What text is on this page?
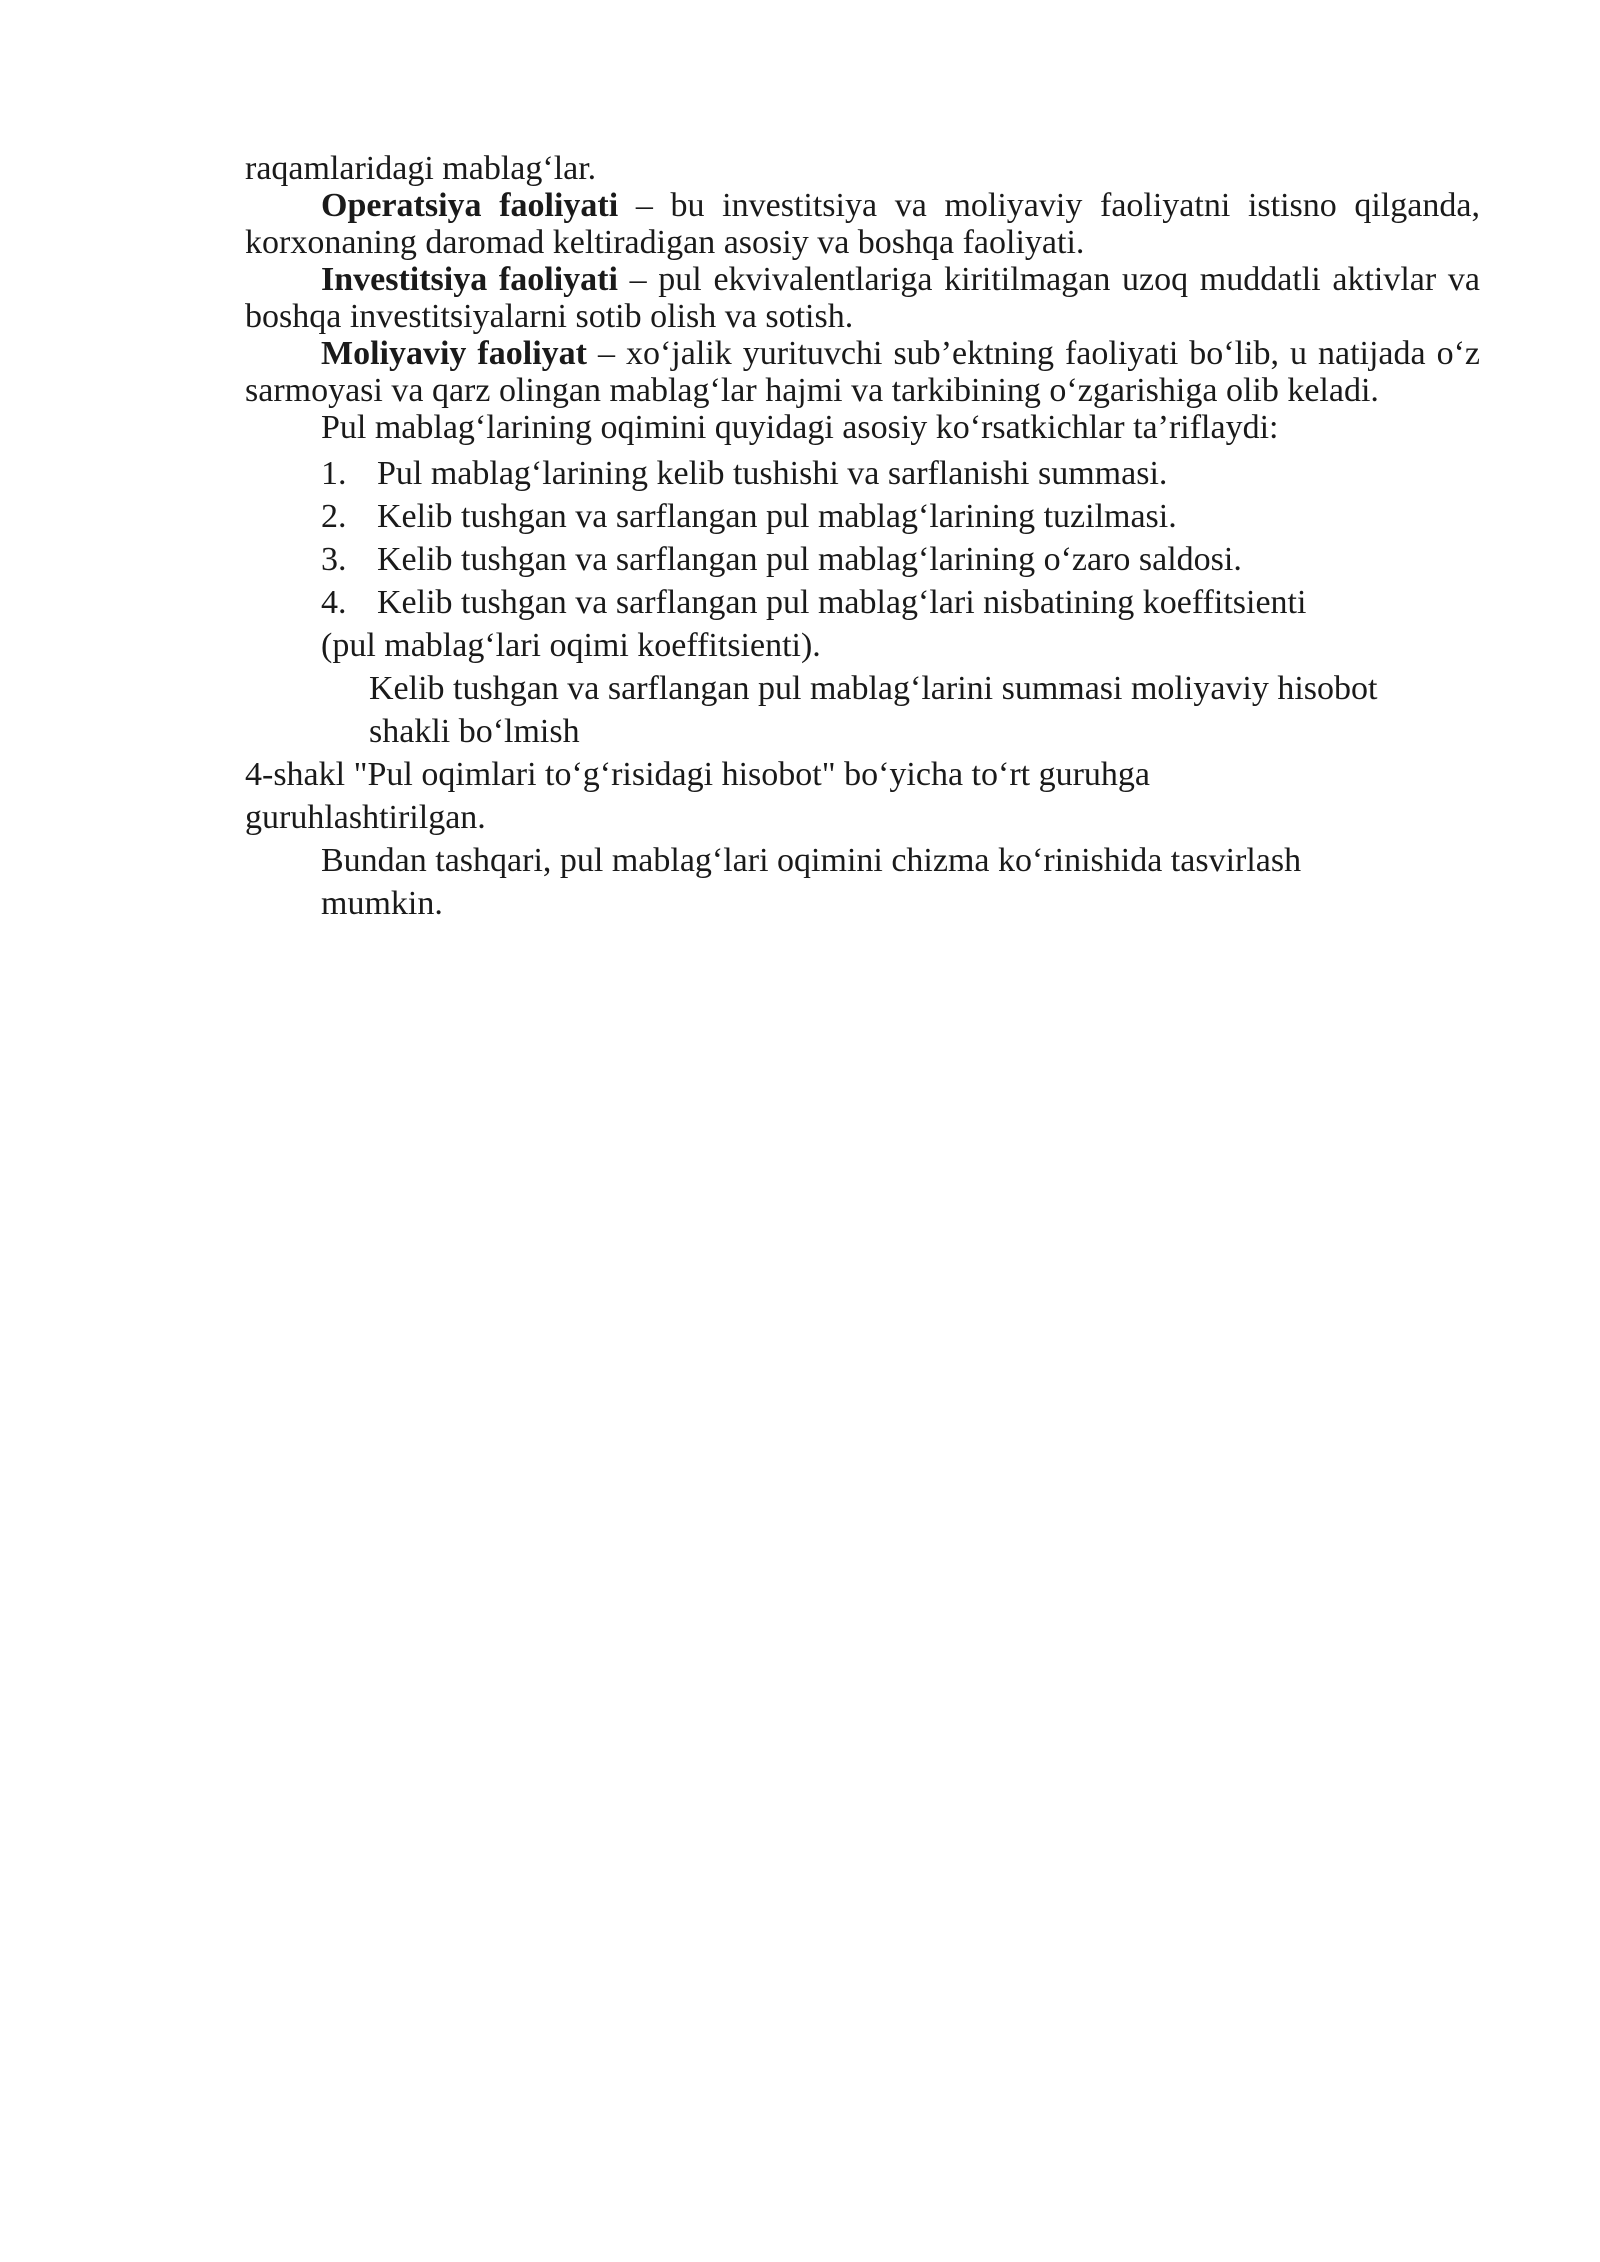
raqamlaridagi mablag‘lar.

Operatsiya faoliyati – bu investitsiya va moliyaviy faoliyatni istisno qilganda, korxonaning daromad keltiradigan asosiy va boshqa faoliyati.

Investitsiya faoliyati – pul ekvivalentlariga kiritilmagan uzoq muddatli aktivlar va boshqa investitsiyalarni sotib olish va sotish.

Moliyaviy faoliyat – xo‘jalik yurituvchi sub’ektning faoliyati bo‘lib, u natijada o‘z sarmoyasi va qarz olingan mablag‘lar hajmi va tarkibining o‘zgarishiga olib keladi.

Pul mablag‘larining oqimini quyidagi asosiy ko‘rsatkichlar ta’riflaydi:

1. Pul mablag‘larining kelib tushishi va sarflanishi summasi.
2. Kelib tushgan va sarflangan pul mablag‘larining tuzilmasi.
3. Kelib tushgan va sarflangan pul mablag‘larining o‘zaro saldosi.
4. Kelib tushgan va sarflangan pul mablag‘lari nisbatining koeffitsienti
(pul mablag‘lari oqimi koeffitsienti).

Kelib tushgan va sarflangan pul mablag‘larini summasi moliyaviy hisobot

shakli bo‘lmish

4-shakl "Pul oqimlari to‘g‘risidagi hisobot" bo‘yicha to‘rt guruhga

guruhlashtirilgan.

Bundan tashqari, pul mablag‘lari oqimini chizma ko‘rinishida tasvirlash

mumkin.
